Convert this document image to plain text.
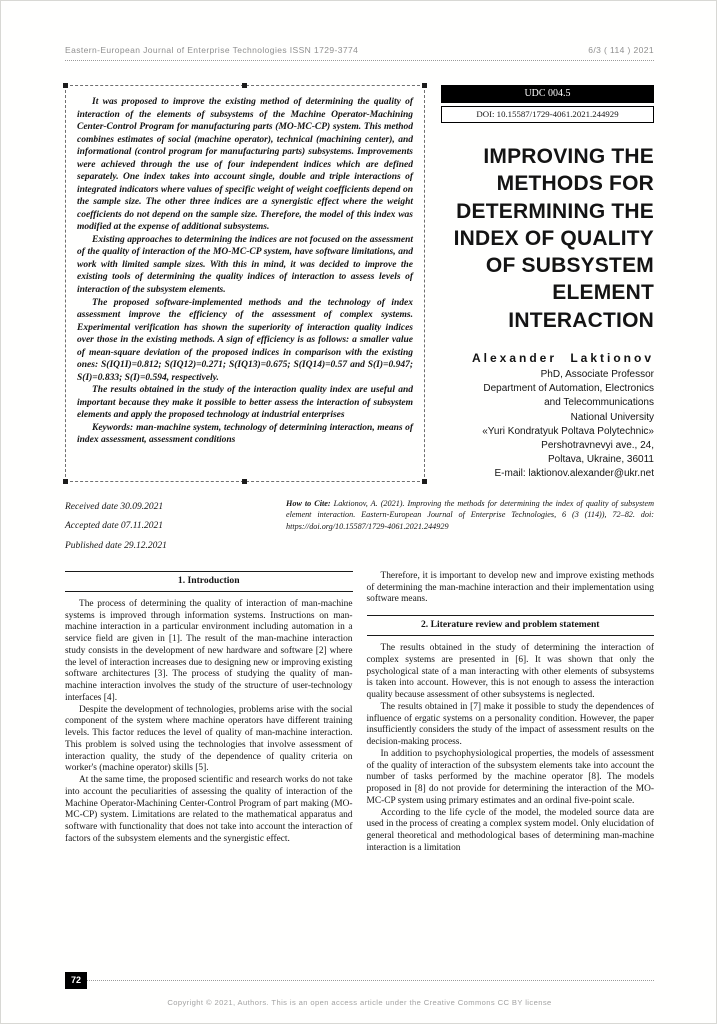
Eastern-European Journal of Enterprise Technologies ISSN 1729-3774	6/3 ( 114 ) 2021

It was proposed to improve the existing method of determining the quality of interaction of the elements of subsystems of the Machine Operator-Machining Center-Control Program for manufacturing parts (MO-MC-CP) system. This method combines estimates of social (machine operator), technical (machining center), and informational (control program for manufacturing parts) subsystems. Improvements were achieved through the use of four independent indices which are defined separately. One index takes into account single, double and triple interactions of integrated indicators where values of specific weight of weight coefficients depend on the sample size. The other three indices are a synergistic effect where the weight coefficients do not depend on the sample size. Therefore, the model of this index was modified at the expense of additional subsystems.

Existing approaches to determining the indices are not focused on the assessment of the quality of interaction of the MO-MC-CP system, have software limitations, and work with limited sample sizes. With this in mind, it was decided to improve the existing tools of determining the quality indices of interaction to assess levels of interaction of the subsystem elements.

The proposed software-implemented methods and the technology of index assessment improve the efficiency of the assessment of complex systems. Experimental verification has shown the superiority of interaction quality indices over those in the existing methods. A sign of efficiency is as follows: a smaller value of mean-square deviation of the proposed indices in comparison with the existing ones: S(IQ1I)=0.812; S(IQ12)=0.271; S(IQ13)=0.675; S(IQ14)=0.57 and S(I)=0.947; S(I)=0.833; S(I)=0.594, respectively.

The results obtained in the study of the interaction quality index are useful and important because they make it possible to better assess the interaction of subsystem elements and apply the proposed technology at industrial enterprises

Keywords: man-machine system, technology of determining interaction, means of index assessment, assessment conditions

UDC 004.5
DOI: 10.15587/1729-4061.2021.244929
IMPROVING THE METHODS FOR DETERMINING THE INDEX OF QUALITY OF SUBSYSTEM ELEMENT INTERACTION
Alexander Laktionov
PhD, Associate Professor
Department of Automation, Electronics
and Telecommunications
National University
«Yuri Kondratyuk Poltava Polytechnic»
Pershotravnevyi ave., 24,
Poltava, Ukraine, 36011
E-mail: laktionov.alexander@ukr.net
Received date 30.09.2021
Accepted date 07.11.2021
Published date 29.12.2021
How to Cite: Laktionov, A. (2021). Improving the methods for determining the index of quality of subsystem element interaction. Eastern-European Journal of Enterprise Technologies, 6 (3 (114)), 72–82. doi: https://doi.org/10.15587/1729-4061.2021.244929
1. Introduction

The process of determining the quality of interaction of man-machine systems is improved through information systems. Instructions on man-machine interaction in a particular environment including automation in a service field are given in [1]. The result of the man-machine interaction study consists in the development of new hardware and software [2] where the level of interaction increases due to designing new or improving existing software architectures [3]. The process of studying the quality of man-machine interaction involves the study of the structure of user-technology interfaces [4].

Despite the development of technologies, problems arise with the social component of the system where machine operators have different training levels. This factor reduces the level of quality of man-machine interaction. This problem is solved using the technologies that involve assessment of interaction quality, the study of the dependence of quality criteria on worker's (machine operator) skills [5].

At the same time, the proposed scientific and research works do not take into account the peculiarities of assessing the quality of interaction of the Machine Operator-Machining Center-Control Program of part making (MO-MC-CP) system. Limitations are related to the mathematical apparatus and software with functionality that does not take into account the interaction of factors of the subsystem elements and the synergistic effect.

Therefore, it is important to develop new and improve existing methods of determining the man-machine interaction and their implementation using software means.

2. Literature review and problem statement

The results obtained in the study of determining the interaction of complex systems are presented in [6]. It was shown that only the psychological state of a man interacting with other elements of subsystems is taken into account. However, this is not enough to assess the interaction quality because assessment of other subsystems is neglected.

The results obtained in [7] make it possible to study the dependences of influence of ergatic systems on a personality condition. However, the paper insufficiently considers the study of the impact of assessment results on the decision-making process.

In addition to psychophysiological properties, the models of assessment of the quality of interaction of the subsystem elements take into account the number of tasks performed by the machine operator [8]. The models proposed in [8] do not provide for determining the interaction of the MO-MC-CP system using primary estimates and an ordinal five-point scale.

According to the life cycle of the model, the modeled source data are used in the process of creating a complex system model. Only elucidation of general theoretical and methodological bases of determining man-machine interaction is a limitation

72
Copyright © 2021, Authors. This is an open access article under the Creative Commons CC BY license
